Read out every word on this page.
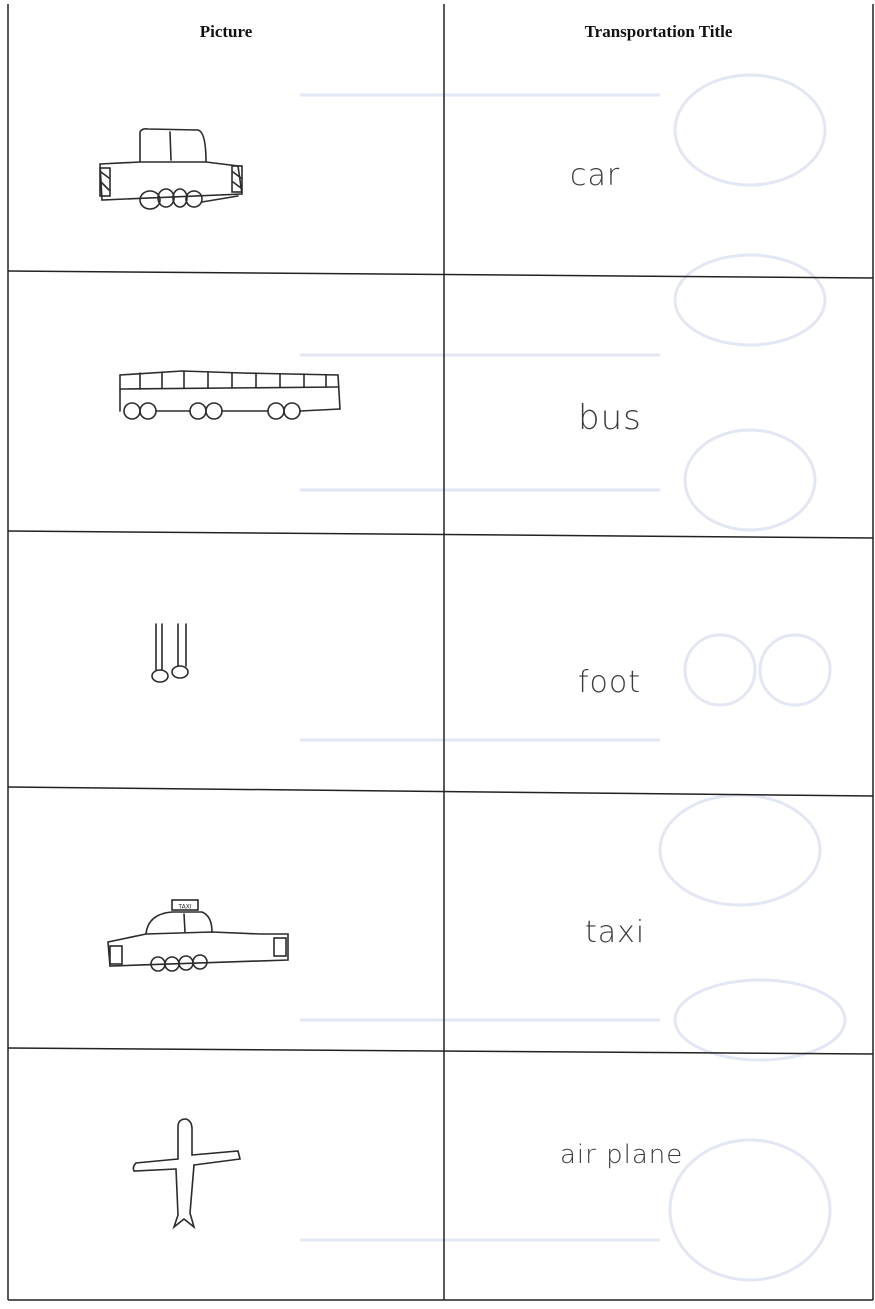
Picture	Transportation Title
car
bus
foot
TAXI
taxi
air plane
